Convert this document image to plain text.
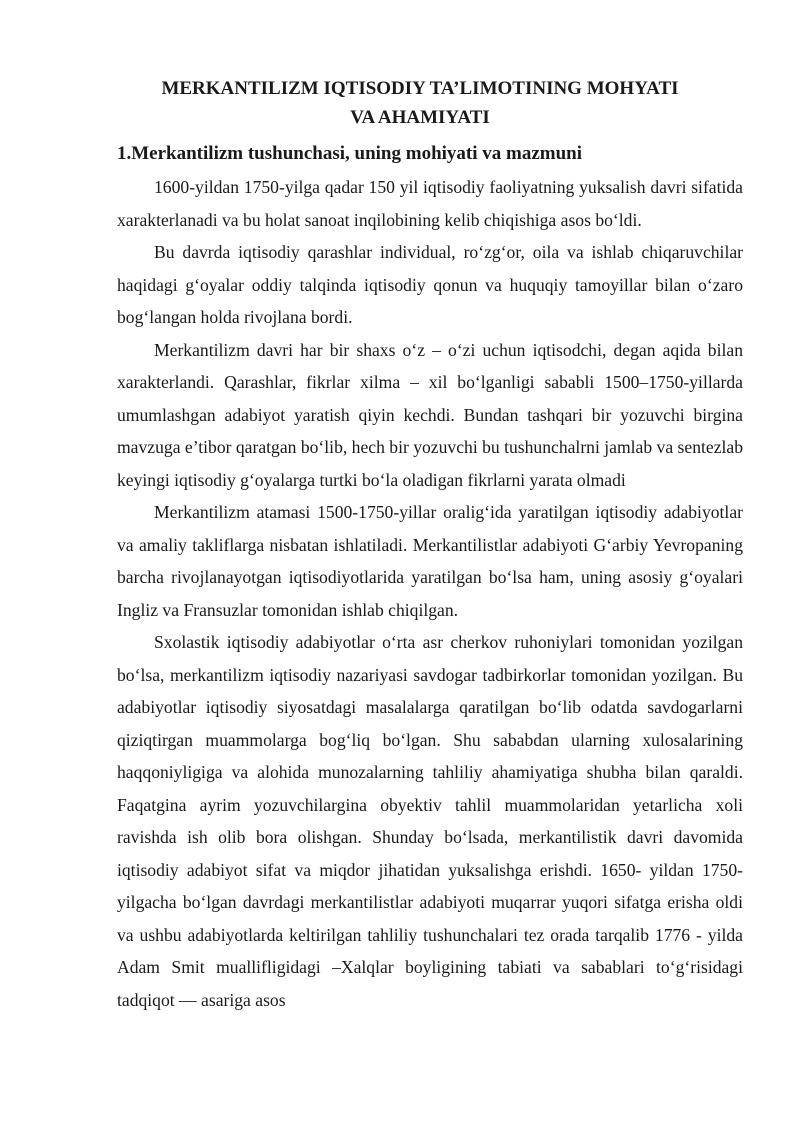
MERKANTILIZM IQTISODIY TA’LIMOTINING MOHYATI
VA AHAMIYATI
1.Merkantilizm tushunchasi, uning mohiyati va mazmuni

1600-yildan 1750-yilga qadar 150 yil iqtisodiy faoliyatning yuksalish davri sifatida xarakterlanadi va bu holat sanoat inqilobining kelib chiqishiga asos bo‘ldi.

Bu davrda iqtisodiy qarashlar individual, ro‘zg‘or, oila va ishlab chiqaruvchilar haqidagi g‘oyalar oddiy talqinda iqtisodiy qonun va huquqiy tamoyillar bilan o‘zaro bog‘langan holda rivojlana bordi.

Merkantilizm davri har bir shaxs o‘z – o‘zi uchun iqtisodchi, degan aqida bilan xarakterlandi. Qarashlar, fikrlar xilma – xil bo‘lganligi sababli 1500–1750-yillarda umumlashgan adabiyot yaratish qiyin kechdi. Bundan tashqari bir yozuvchi birgina mavzuga e’tibor qaratgan bo‘lib, hech bir yozuvchi bu tushunchalrni jamlab va sentezlab keyingi iqtisodiy g‘oyalarga turtki bo‘la oladigan fikrlarni yarata olmadi

Merkantilizm atamasi 1500-1750-yillar oralig‘ida yaratilgan iqtisodiy adabiyotlar va amaliy takliflarga nisbatan ishlatiladi. Merkantilistlar adabiyoti G‘arbiy Yevropaning barcha rivojlanayotgan iqtisodiyotlarida yaratilgan bo‘lsa ham, uning asosiy g‘oyalari Ingliz va Fransuzlar tomonidan ishlab chiqilgan.

Sxolastik iqtisodiy adabiyotlar o‘rta asr cherkov ruhoniylari tomonidan yozilgan bo‘lsa, merkantilizm iqtisodiy nazariyasi savdogar tadbirkorlar tomonidan yozilgan. Bu adabiyotlar iqtisodiy siyosatdagi masalalarga qaratilgan bo‘lib odatda savdogarlarni qiziqtirgan muammolarga bog‘liq bo‘lgan. Shu sababdan ularning xulosalarining haqqoniyligiga va alohida munozalarning tahliliy ahamiyatiga shubha bilan qaraldi. Faqatgina ayrim yozuvchilargina obyektiv tahlil muammolaridan yetarlicha xoli ravishda ish olib bora olishgan. Shunday bo‘lsada, merkantilistik davri davomida iqtisodiy adabiyot sifat va miqdor jihatidan yuksalishga erishdi. 1650- yildan 1750- yilgacha bo‘lgan davrdagi merkantilistlar adabiyoti muqarrar yuqori sifatga erisha oldi va ushbu adabiyotlarda keltirilgan tahliliy tushunchalari tez orada tarqalib 1776 - yilda Adam Smit muallifligidagi –Xalqlar boyligining tabiati va sabablari to‘g‘risidagi tadqiqot — asariga asos
